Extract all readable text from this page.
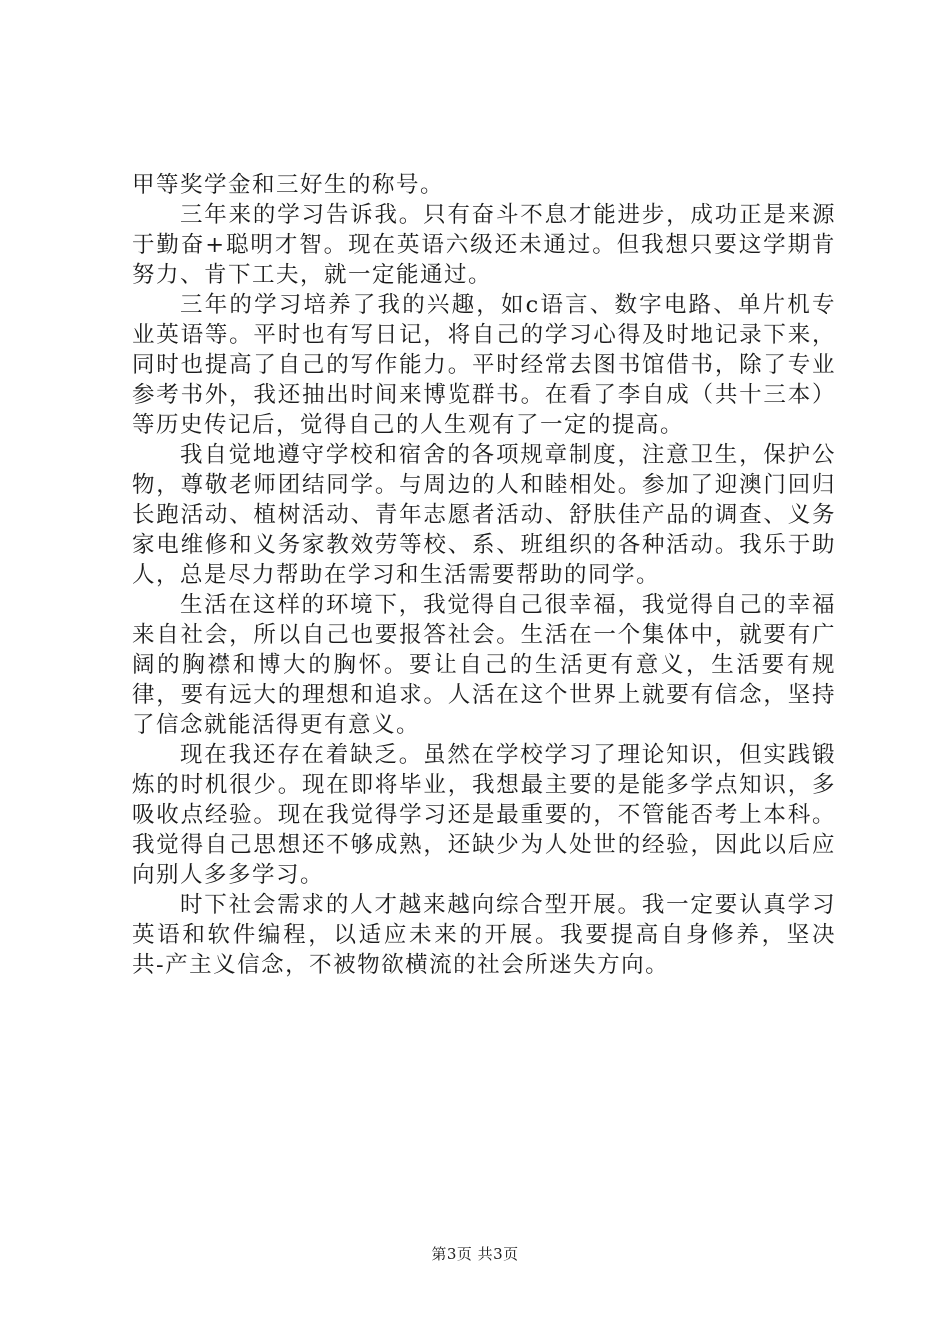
甲等奖学金和三好生的称号。

三年来的学习告诉我。只有奋斗不息才能进步，成功正是来源于勤奋+聪明才智。现在英语六级还未通过。但我想只要这学期肯努力、肯下工夫，就一定能通过。

三年的学习培养了我的兴趣，如c语言、数字电路、单片机专业英语等。平时也有写日记，将自己的学习心得及时地记录下来，同时也提高了自己的写作能力。平时经常去图书馆借书，除了专业参考书外，我还抽出时间来博览群书。在看了李自成（共十三本）等历史传记后，觉得自己的人生观有了一定的提高。

我自觉地遵守学校和宿舍的各项规章制度，注意卫生，保护公物，尊敬老师团结同学。与周边的人和睦相处。参加了迎澳门回归长跑活动、植树活动、青年志愿者活动、舒肤佳产品的调查、义务家电维修和义务家教效劳等校、系、班组织的各种活动。我乐于助人，总是尽力帮助在学习和生活需要帮助的同学。

生活在这样的环境下，我觉得自己很幸福，我觉得自己的幸福来自社会，所以自己也要报答社会。生活在一个集体中，就要有广阔的胸襟和博大的胸怀。要让自己的生活更有意义，生活要有规律，要有远大的理想和追求。人活在这个世界上就要有信念，坚持了信念就能活得更有意义。

现在我还存在着缺乏。虽然在学校学习了理论知识，但实践锻炼的时机很少。现在即将毕业，我想最主要的是能多学点知识，多吸收点经验。现在我觉得学习还是最重要的，不管能否考上本科。我觉得自己思想还不够成熟，还缺少为人处世的经验，因此以后应向别人多多学习。

时下社会需求的人才越来越向综合型开展。我一定要认真学习英语和软件编程，以适应未来的开展。我要提高自身修养，坚决共-产主义信念，不被物欲横流的社会所迷失方向。

第3页 共3页
